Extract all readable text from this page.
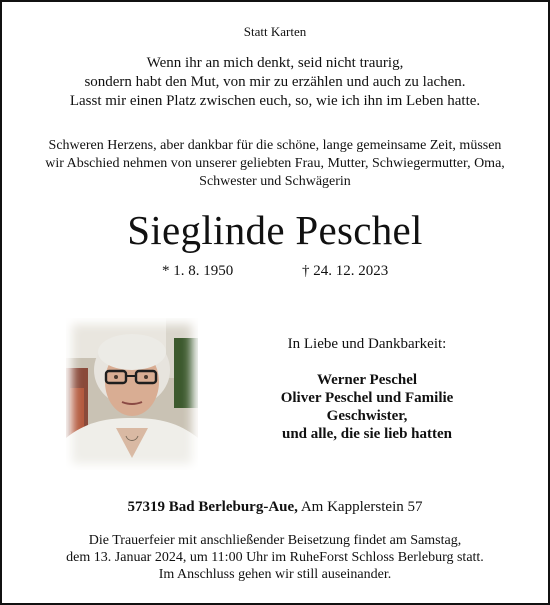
Statt Karten
Wenn ihr an mich denkt, seid nicht traurig,
sondern habt den Mut, von mir zu erzählen und auch zu lachen.
Lasst mir einen Platz zwischen euch, so, wie ich ihn im Leben hatte.
Schweren Herzens, aber dankbar für die schöne, lange gemeinsame Zeit, müssen
wir Abschied nehmen von unserer geliebten Frau, Mutter, Schwiegermutter, Oma,
Schwester und Schwägerin
Sieglinde Peschel
* 1. 8. 1950	† 24. 12. 2023
In Liebe und Dankbarkeit:
Werner Peschel
Oliver Peschel und Familie
Geschwister,
und alle, die sie lieb hatten
57319 Bad Berleburg-Aue, Am Kapplerstein 57
Die Trauerfeier mit anschließender Beisetzung findet am Samstag,
dem 13. Januar 2024, um 11:00 Uhr im RuheForst Schloss Berleburg statt.
Im Anschluss gehen wir still auseinander.
